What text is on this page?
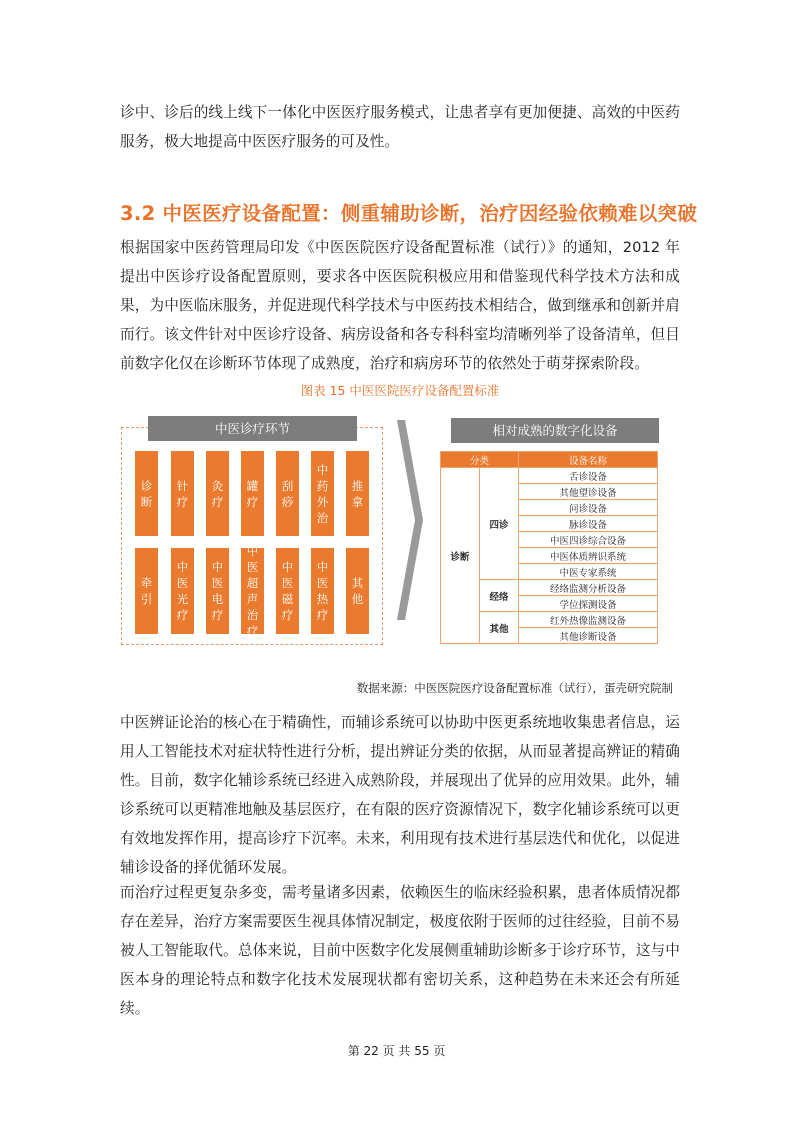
诊中、诊后的线上线下一体化中医医疗服务模式，让患者享有更加便捷、高效的中医药服务，极大地提高中医医疗服务的可及性。

3.2 中医医疗设备配置：侧重辅助诊断，治疗因经验依赖难以突破

根据国家中医药管理局印发《中医医院医疗设备配置标准（试行）》的通知，2012 年提出中医诊疗设备配置原则，要求各中医医院积极应用和借鉴现代科学技术方法和成果，为中医临床服务，并促进现代科学技术与中医药技术相结合，做到继承和创新并肩而行。该文件针对中医诊疗设备、病房设备和各专科科室均清晰列举了设备清单，但目前数字化仅在诊断环节体现了成熟度，治疗和病房环节的依然处于萌芽探索阶段。

图表 15 中医医院医疗设备配置标准

中医诊疗环节
诊断
针疗
灸疗
罐疗
刮痧
中药外治
推拿
牵引
中医光疗
中医电疗
中医超声治疗
中医磁疗
中医热疗
其他
相对成熟的数字化设备
分类		设备名称
诊断	四诊	舌诊设备
		其他望诊设备
		问诊设备
		脉诊设备
		中医四诊综合设备
		中医体质辨识系统
		中医专家系统
	经络	经络监测分析设备
		学位探测设备
	其他	红外热像监测设备
		其他诊断设备

数据来源：中医医院医疗设备配置标准（试行），蛋壳研究院制

中医辨证论治的核心在于精确性，而辅诊系统可以协助中医更系统地收集患者信息，运用人工智能技术对症状特性进行分析，提出辨证分类的依据，从而显著提高辨证的精确性。目前，数字化辅诊系统已经进入成熟阶段，并展现出了优异的应用效果。此外，辅诊系统可以更精准地触及基层医疗，在有限的医疗资源情况下，数字化辅诊系统可以更有效地发挥作用，提高诊疗下沉率。未来，利用现有技术进行基层迭代和优化，以促进辅诊设备的择优循环发展。

而治疗过程更复杂多变，需考量诸多因素，依赖医生的临床经验积累，患者体质情况都存在差异，治疗方案需要医生视具体情况制定，极度依附于医师的过往经验，目前不易被人工智能取代。总体来说，目前中医数字化发展侧重辅助诊断多于诊疗环节，这与中医本身的理论特点和数字化技术发展现状都有密切关系，这种趋势在未来还会有所延续。

第 22 页 共 55 页
